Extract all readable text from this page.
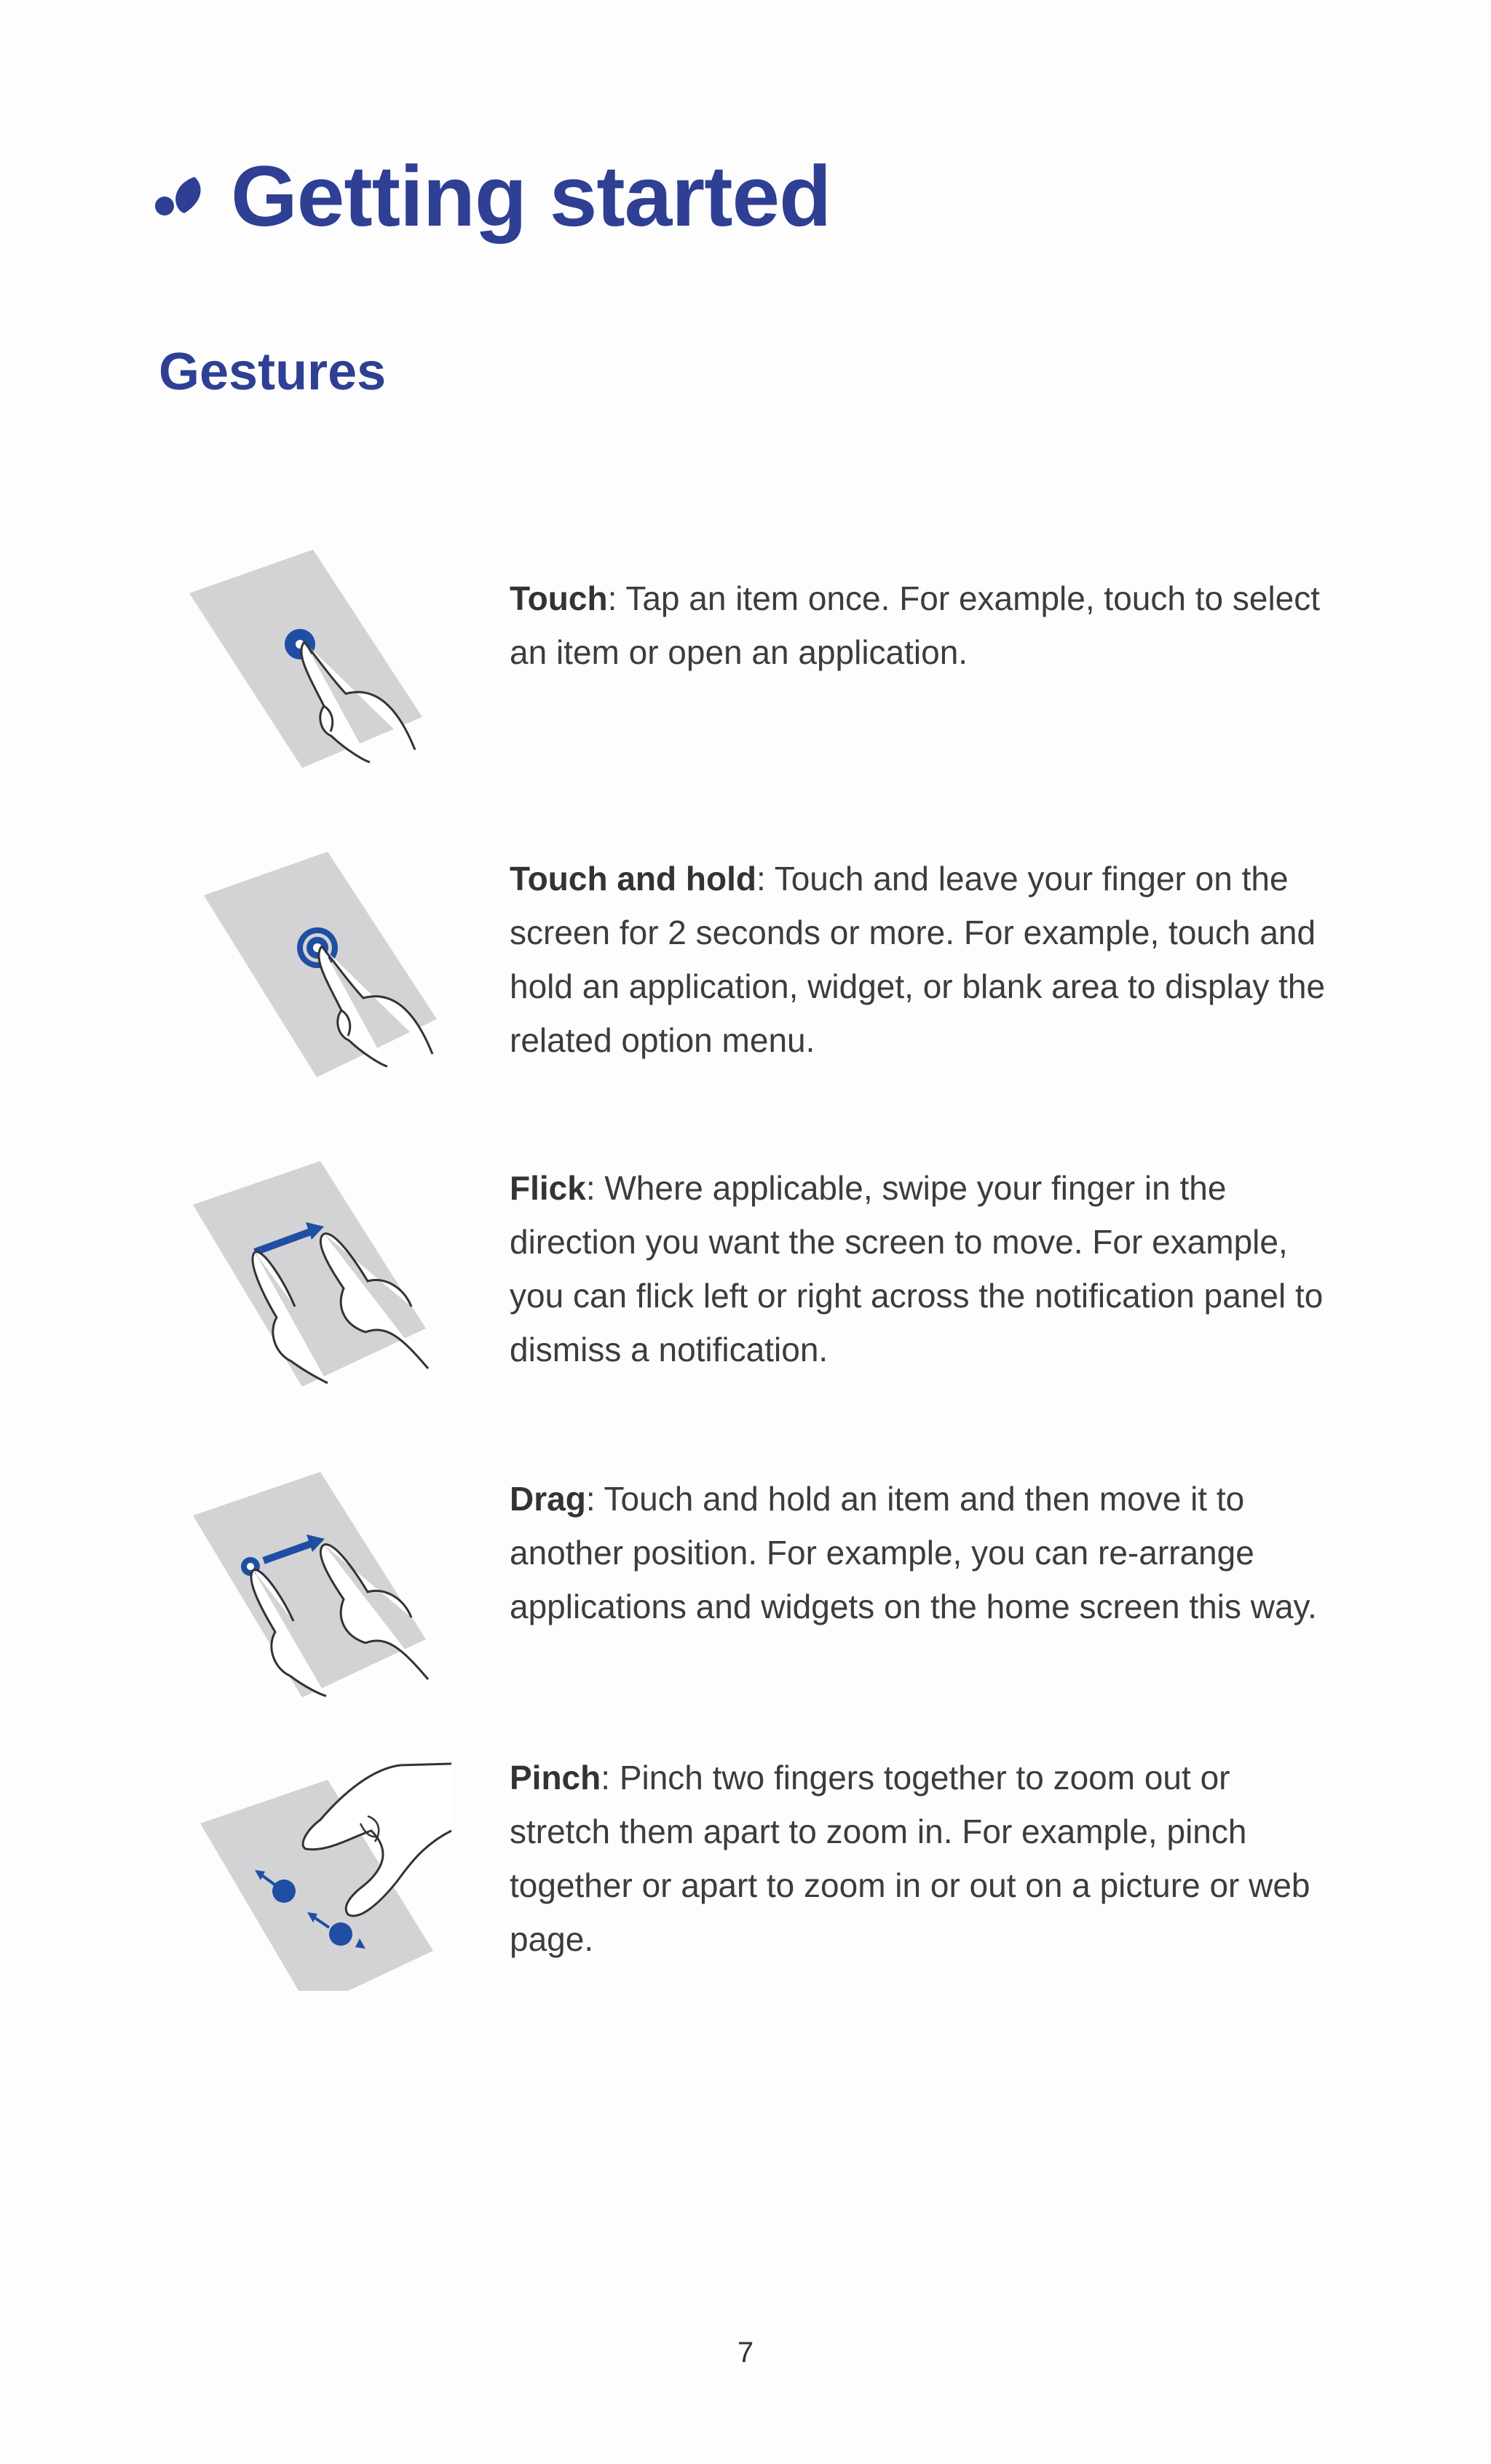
Getting started
Gestures
Touch: Tap an item once. For example, touch to select an item or open an application.
Touch and hold: Touch and leave your finger on the screen for 2 seconds or more. For example, touch and hold an application, widget, or blank area to display the related option menu.
Flick: Where applicable, swipe your finger in the direction you want the screen to move. For example, you can flick left or right across the notification panel to dismiss a notification.
Drag: Touch and hold an item and then move it to another position. For example, you can re-arrange applications and widgets on the home screen this way.
Pinch: Pinch two fingers together to zoom out or stretch them apart to zoom in. For example, pinch together or apart to zoom in or out on a picture or web page.
7
